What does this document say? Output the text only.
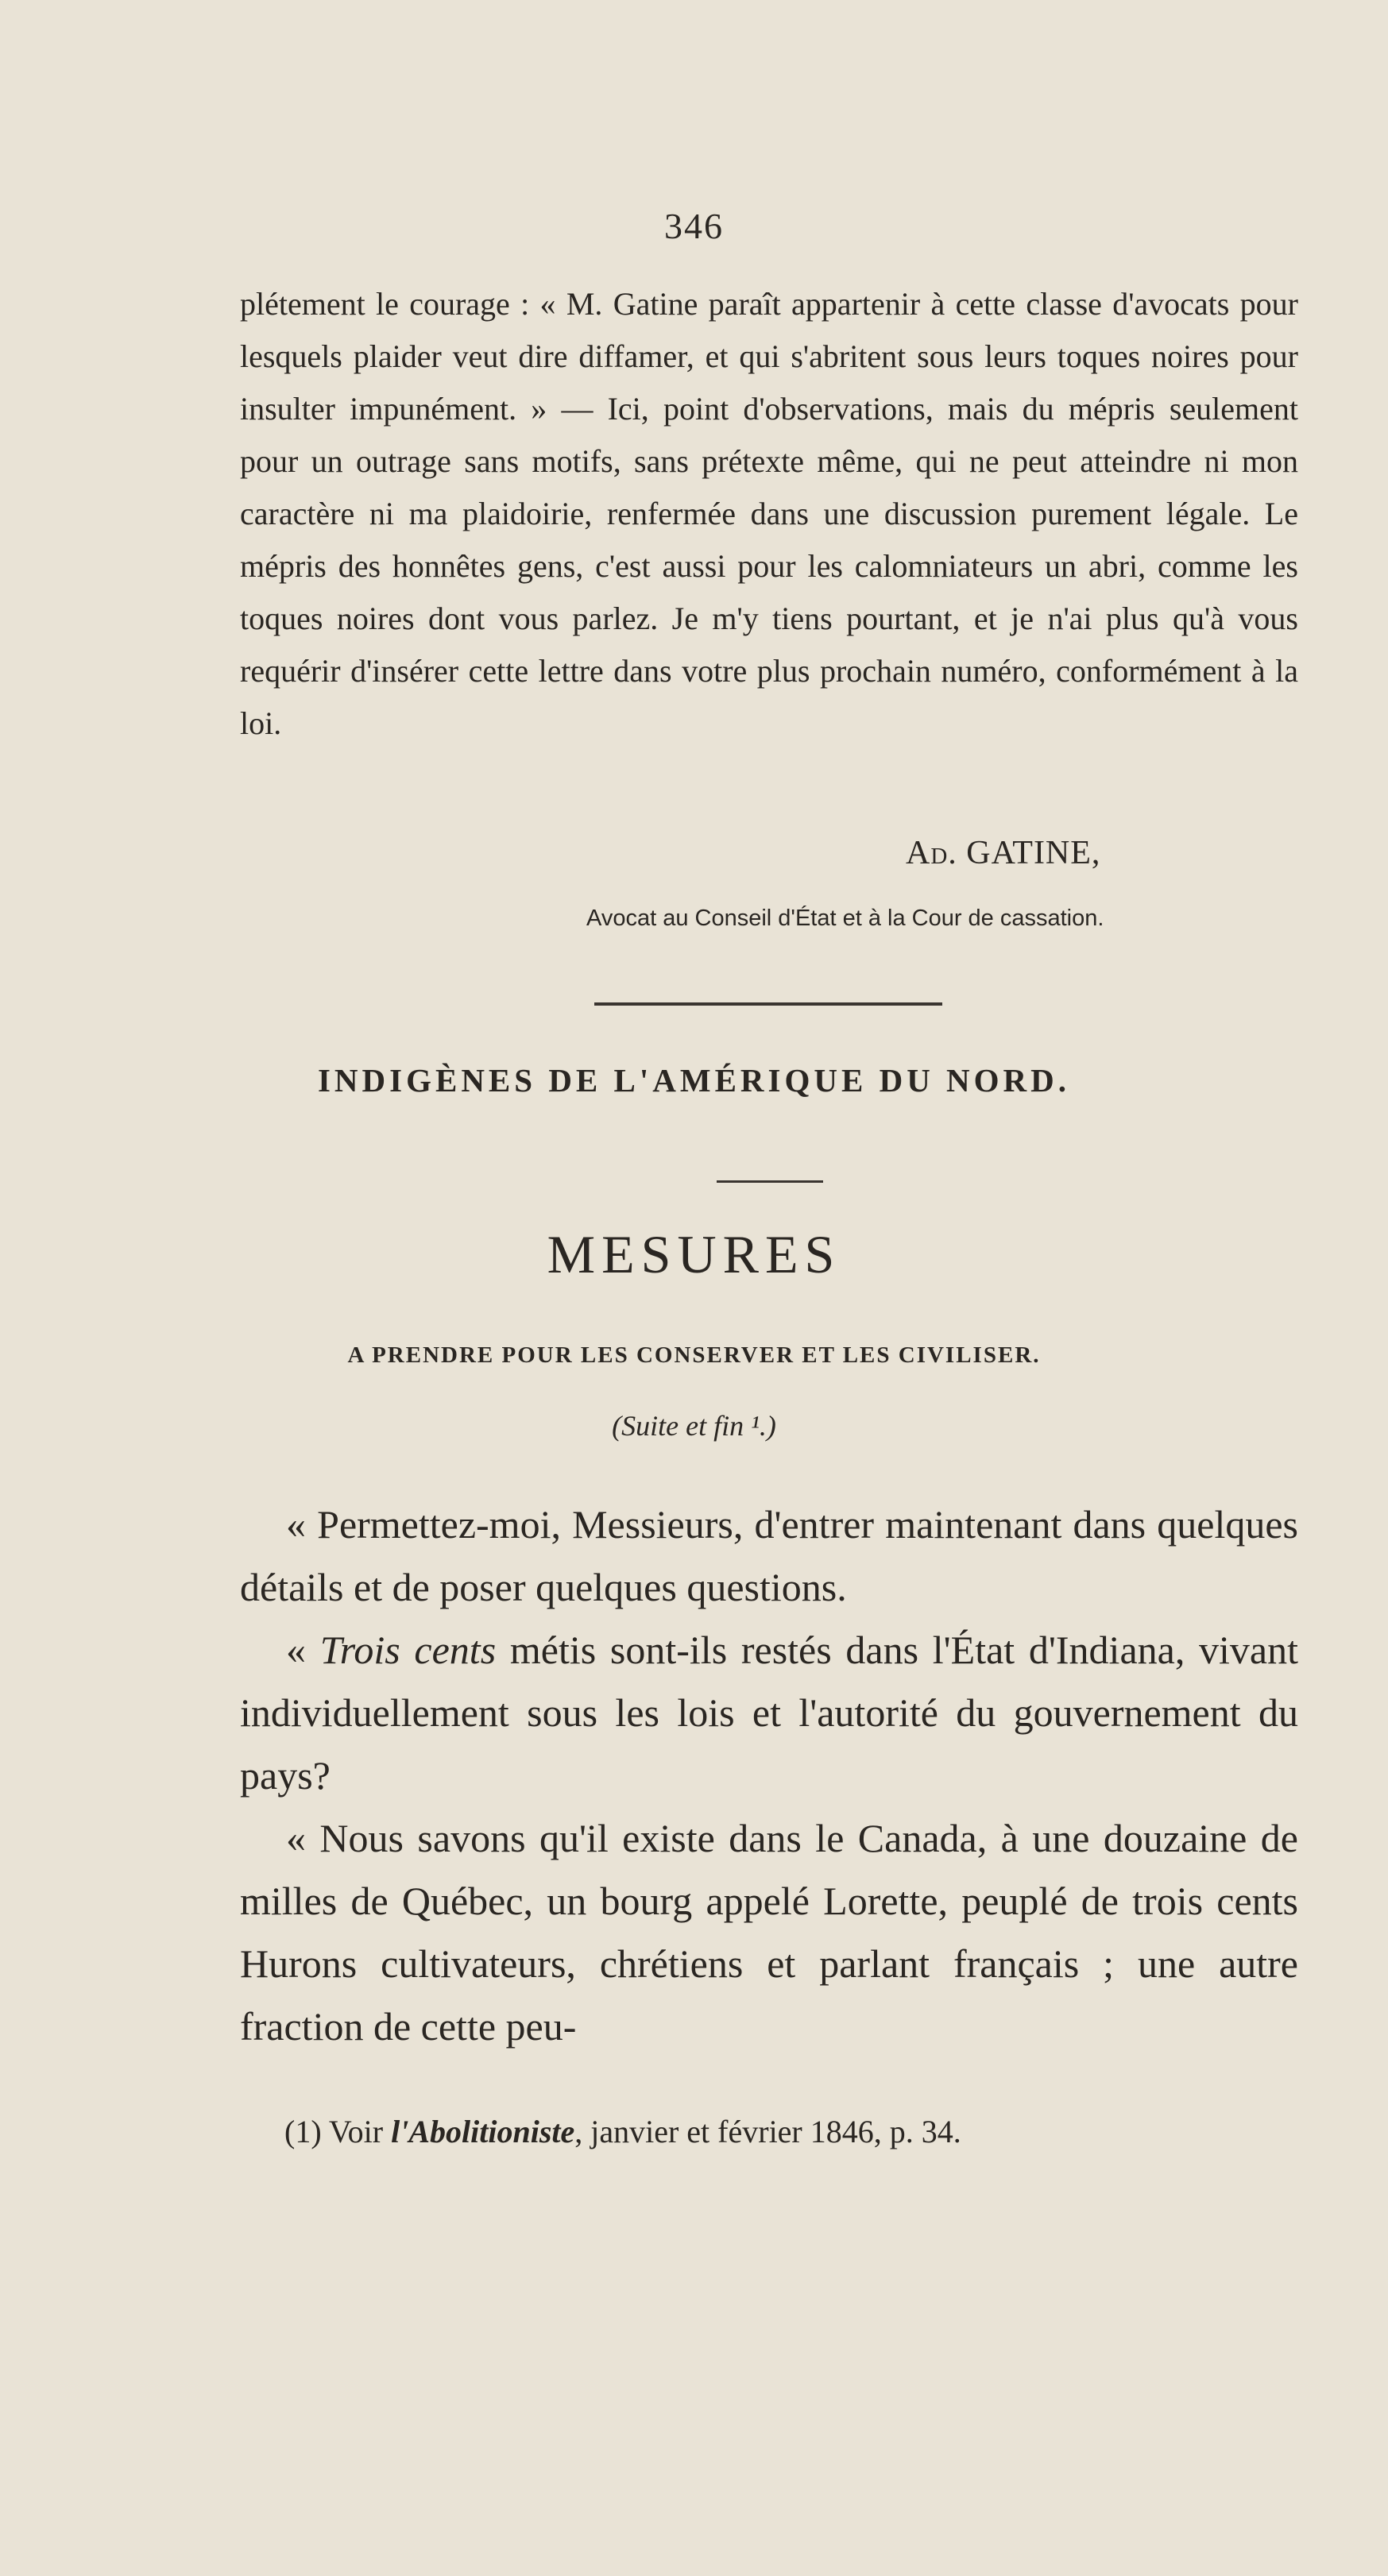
346

plétement le courage : « M. Gatine paraît appartenir à cette classe d'avocats pour lesquels plaider veut dire diffamer, et qui s'abritent sous leurs toques noires pour insulter impunément. » — Ici, point d'observations, mais du mépris seulement pour un outrage sans motifs, sans prétexte même, qui ne peut atteindre ni mon caractère ni ma plaidoirie, renfermée dans une discussion purement légale. Le mépris des honnêtes gens, c'est aussi pour les calomniateurs un abri, comme les toques noires dont vous parlez. Je m'y tiens pourtant, et je n'ai plus qu'à vous requérir d'insérer cette lettre dans votre plus prochain numéro, conformément à la loi.

Ad. GATINE,
Avocat au Conseil d'État et à la Cour de cassation.
INDIGÈNES DE L'AMÉRIQUE DU NORD.
MESURES
A PRENDRE POUR LES CONSERVER ET LES CIVILISER.
(Suite et fin ¹.)

« Permettez-moi, Messieurs, d'entrer maintenant dans quelques détails et de poser quelques questions.

« Trois cents métis sont-ils restés dans l'État d'Indiana, vivant individuellement sous les lois et l'autorité du gouvernement du pays?

« Nous savons qu'il existe dans le Canada, à une douzaine de milles de Québec, un bourg appelé Lorette, peuplé de trois cents Hurons cultivateurs, chrétiens et parlant français ; une autre fraction de cette peu-

(1) Voir l'Abolitioniste, janvier et février 1846, p. 34.
